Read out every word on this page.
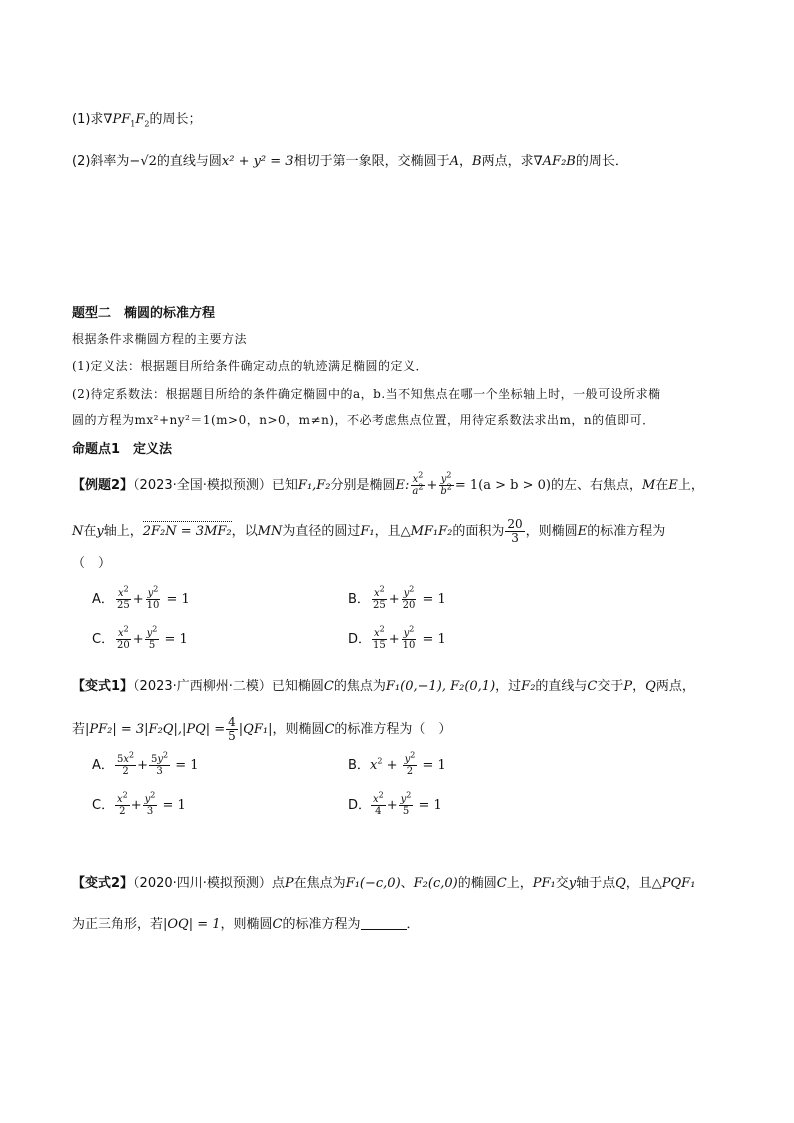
(1)求$\nabla PF_1F_2$的周长；
(2)斜率为−√2的直线与圆x² + y² = 3相切于第一象限，交椭圆于A，B两点，求∇AF₂B的周长．
题型二　椭圆的标准方程
根据条件求椭圆方程的主要方法
(1)定义法：根据题目所给条件确定动点的轨迹满足椭圆的定义．
(2)待定系数法：根据题目所给的条件确定椭圆中的a，b.当不知焦点在哪一个坐标轴上时，一般可设所求椭
圆的方程为mx²+ny²＝1(m>0，n>0，m≠n)，不必考虑焦点位置，用待定系数法求出m，n的值即可．
命题点1　定义法
【例题2】（2023·全国·模拟预测）已知F₁,F₂分别是椭圆E: $\frac{x^2}{a^2} + \frac{y^2}{b^2} = 1(a > b > 0)$的左、右焦点，M在E上，
N在y轴上，2F₂N = 3MF₂，以MN为直径的圆过F₁，且△MF₁F₂的面积为 $\frac{20}{3}$ ，则椭圆E的标准方程为
（　）
A． $\frac{x^2}{25} + \frac{y^2}{10} = 1$	B． $\frac{x^2}{25} + \frac{y^2}{20} = 1$
C． $\frac{x^2}{20} + \frac{y^2}{5} = 1$	D． $\frac{x^2}{15} + \frac{y^2}{10} = 1$
【变式1】（2023·广西柳州·二模）已知椭圆C的焦点为F₁(0,−1), F₂(0,1)，过F₂的直线与C交于P，Q两点，
若$|PF_2| = 3|F_2Q|,|PQ| = \frac{4}{5} |QF_1|$，则椭圆C的标准方程为（　）
A． $\frac{5x^2}{2} + \frac{5y^2}{3} = 1$	B．$x^2 + \frac{y^2}{2} = 1$
C． $\frac{x^2}{2} + \frac{y^2}{3} = 1$	D． $\frac{x^2}{4} + \frac{y^2}{5} = 1$
【变式2】（2020·四川·模拟预测）点P在焦点为F₁(−c,0)、F₂(c,0)的椭圆C上，PF₁交y轴于点Q，且△PQF₁
为正三角形，若|OQ| = 1，则椭圆C的标准方程为	．
